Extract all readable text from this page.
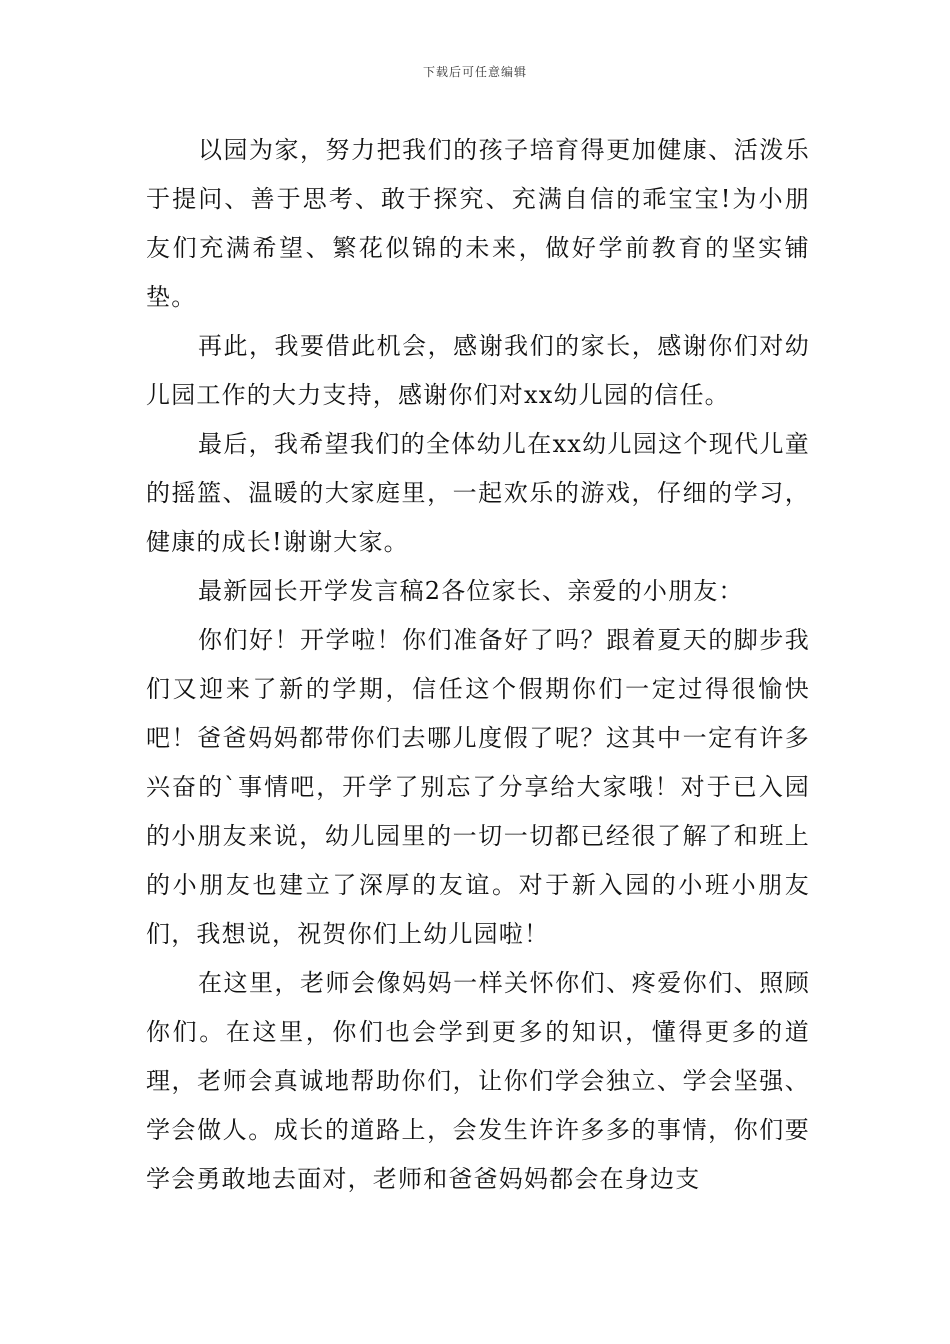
下载后可任意编辑

以园为家，努力把我们的孩子培育得更加健康、活泼乐于提问、善于思考、敢于探究、充满自信的乖宝宝!为小朋友们充满希望、繁花似锦的未来，做好学前教育的坚实铺垫。

再此，我要借此机会，感谢我们的家长，感谢你们对幼儿园工作的大力支持，感谢你们对xx幼儿园的信任。

最后，我希望我们的全体幼儿在xx幼儿园这个现代儿童的摇篮、温暖的大家庭里，一起欢乐的游戏，仔细的学习，健康的成长!谢谢大家。

最新园长开学发言稿2各位家长、亲爱的小朋友：

你们好！开学啦！你们准备好了吗？跟着夏天的脚步我们又迎来了新的学期，信任这个假期你们一定过得很愉快吧！爸爸妈妈都带你们去哪儿度假了呢？这其中一定有许多兴奋的`事情吧，开学了别忘了分享给大家哦！对于已入园的小朋友来说，幼儿园里的一切一切都已经很了解了和班上的小朋友也建立了深厚的友谊。对于新入园的小班小朋友们，我想说，祝贺你们上幼儿园啦！

在这里，老师会像妈妈一样关怀你们、疼爱你们、照顾你们。在这里，你们也会学到更多的知识，懂得更多的道理，老师会真诚地帮助你们，让你们学会独立、学会坚强、学会做人。成长的道路上，会发生许许多多的事情，你们要学会勇敢地去面对，老师和爸爸妈妈都会在身边支
